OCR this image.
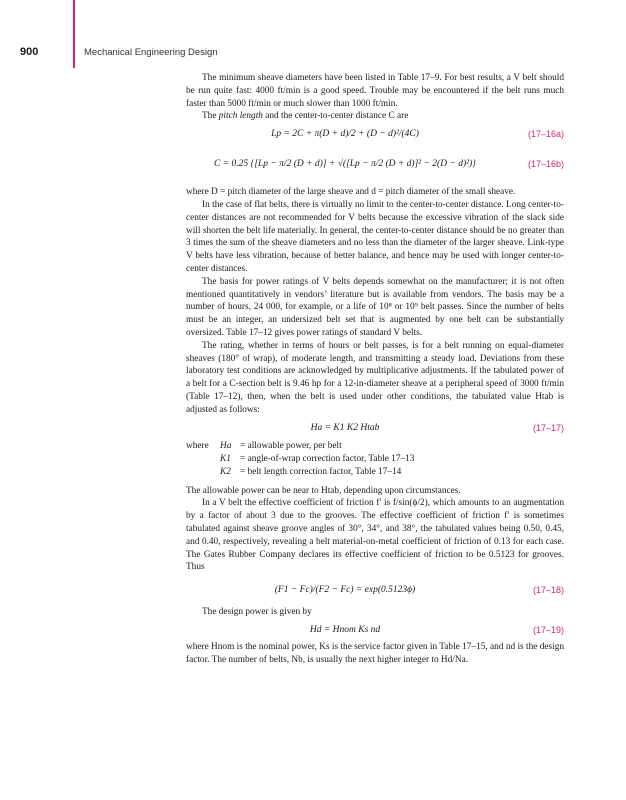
900	Mechanical Engineering Design

The minimum sheave diameters have been listed in Table 17–9. For best results, a V belt should be run quite fast: 4000 ft/min is a good speed. Trouble may be encountered if the belt runs much faster than 5000 ft/min or much slower than 1000 ft/min.

The pitch length and the center-to-center distance C are

Lp = 2C + π(D + d)/2 + (D − d)²/(4C)	(17–16a)
C = 0.25 {[Lp − π/2 (D + d)] + √([Lp − π/2 (D + d)]² − 2(D − d)²)}	(17–16b)

where D = pitch diameter of the large sheave and d = pitch diameter of the small sheave.

In the case of flat belts, there is virtually no limit to the center-to-center distance. Long center-to-center distances are not recommended for V belts because the excessive vibration of the slack side will shorten the belt life materially. In general, the center-to-center distance should be no greater than 3 times the sum of the sheave diameters and no less than the diameter of the larger sheave. Link-type V belts have less vibration, because of better balance, and hence may be used with longer center-to-center distances.

The basis for power ratings of V belts depends somewhat on the manufacturer; it is not often mentioned quantitatively in vendors’ literature but is available from vendors. The basis may be a number of hours, 24 000, for example, or a life of 10⁸ or 10⁹ belt passes. Since the number of belts must be an integer, an undersized belt set that is augmented by one belt can be substantially oversized. Table 17–12 gives power ratings of standard V belts.

The rating, whether in terms of hours or belt passes, is for a belt running on equal-diameter sheaves (180° of wrap), of moderate length, and transmitting a steady load. Deviations from these laboratory test conditions are acknowledged by multiplicative adjustments. If the tabulated power of a belt for a C-section belt is 9.46 hp for a 12-in-diameter sheave at a peripheral speed of 3000 ft/min (Table 17–12), then, when the belt is used under other conditions, the tabulated value Htab is adjusted as follows:

Ha = K1 K2 Htab	(17–17)
where	Ha = allowable power, per belt
K1 = angle-of-wrap correction factor, Table 17–13
K2 = belt length correction factor, Table 17–14

The allowable power can be near to Htab, depending upon circumstances.

In a V belt the effective coefficient of friction f′ is f/sin(ϕ/2), which amounts to an augmentation by a factor of about 3 due to the grooves. The effective coefficient of friction f′ is sometimes tabulated against sheave groove angles of 30°, 34°, and 38°, the tabulated values being 0.50, 0.45, and 0.40, respectively, revealing a belt material-on-metal coefficient of friction of 0.13 for each case. The Gates Rubber Company declares its effective coefficient of friction to be 0.5123 for grooves. Thus

(F1 − Fc)/(F2 − Fc) = exp(0.5123ϕ)	(17–18)

The design power is given by

Hd = Hnom Ks nd	(17–19)

where Hnom is the nominal power, Ks is the service factor given in Table 17–15, and nd is the design factor. The number of belts, Nb, is usually the next higher integer to Hd/Na.
